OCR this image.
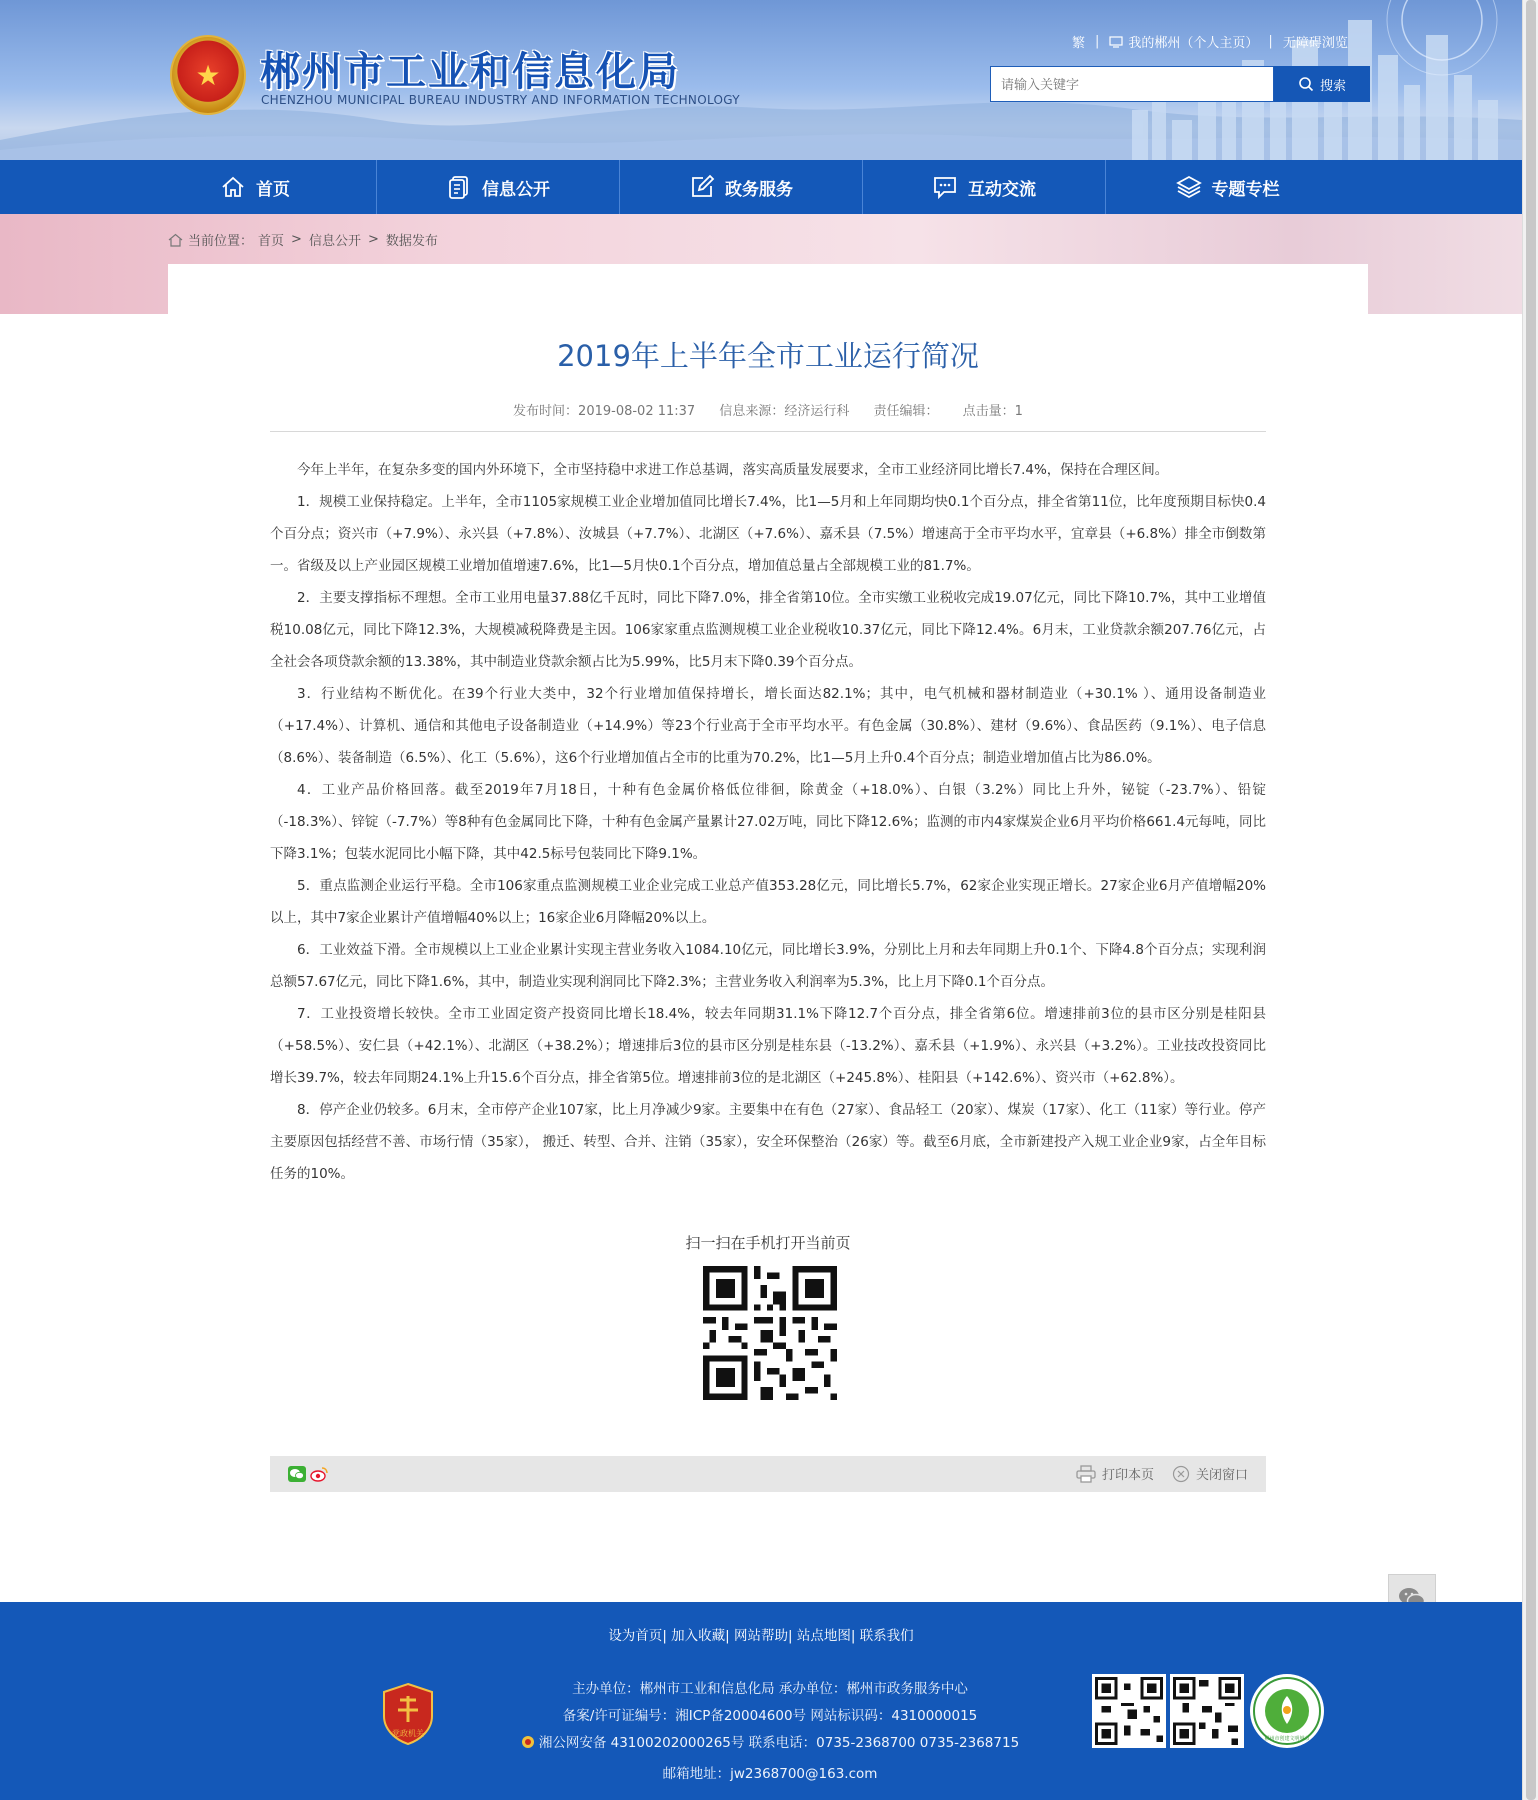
★ 郴州市工业和信息化局
CHENZHOU MUNICIPAL BUREAU INDUSTRY AND INFORMATION TECHNOLOGY
繁 | 我的郴州（个人主页） | 无障碍浏览
请输入关键字
搜索
首页	信息公开	政务服务	互动交流	专题专栏
当前位置： 首页 > 信息公开 > 数据发布
2019年上半年全市工业运行简况
发布时间：2019-08-02 11:37 信息来源：经济运行科 责任编辑： 点击量：1

今年上半年，在复杂多变的国内外环境下，全市坚持稳中求进工作总基调，落实高质量发展要求，全市工业经济同比增长7.4%，保持在合理区间。

1．规模工业保持稳定。上半年，全市1105家规模工业企业增加值同比增长7.4%，比1—5月和上年同期均快0.1个百分点，排全省第11位，比年度预期目标快0.4个百分点；资兴市（+7.9%）、永兴县（+7.8%）、汝城县（+7.7%）、北湖区（+7.6%）、嘉禾县（7.5%）增速高于全市平均水平，宜章县（+6.8%）排全市倒数第一。省级及以上产业园区规模工业增加值增速7.6%，比1—5月快0.1个百分点，增加值总量占全部规模工业的81.7%。

2．主要支撑指标不理想。全市工业用电量37.88亿千瓦时，同比下降7.0%，排全省第10位。全市实缴工业税收完成19.07亿元，同比下降10.7%，其中工业增值税10.08亿元，同比下降12.3%，大规模减税降费是主因。106家家重点监测规模工业企业税收10.37亿元，同比下降12.4%。6月末，工业贷款余额207.76亿元，占全社会各项贷款余额的13.38%，其中制造业贷款余额占比为5.99%，比5月末下降0.39个百分点。

3．行业结构不断优化。在39个行业大类中，32个行业增加值保持增长，增长面达82.1%；其中，电气机械和器材制造业（+30.1% ）、通用设备制造业（+17.4%）、计算机、通信和其他电子设备制造业（+14.9%）等23个行业高于全市平均水平。有色金属（30.8%）、建材（9.6%）、食品医药（9.1%）、电子信息（8.6%）、装备制造（6.5%）、化工（5.6%），这6个行业增加值占全市的比重为70.2%，比1—5月上升0.4个百分点；制造业增加值占比为86.0%。

4．工业产品价格回落。截至2019年7月18日，十种有色金属价格低位徘徊，除黄金（+18.0%）、白银（3.2%）同比上升外，铋锭（-23.7%）、铅锭（-18.3%）、锌锭（-7.7%）等8种有色金属同比下降，十种有色金属产量累计27.02万吨，同比下降12.6%；监测的市内4家煤炭企业6月平均价格661.4元每吨，同比下降3.1%；包装水泥同比小幅下降，其中42.5标号包装同比下降9.1%。

5．重点监测企业运行平稳。全市106家重点监测规模工业企业完成工业总产值353.28亿元，同比增长5.7%，62家企业实现正增长。27家企业6月产值增幅20%以上，其中7家企业累计产值增幅40%以上；16家企业6月降幅20%以上。

6．工业效益下滑。全市规模以上工业企业累计实现主营业务收入1084.10亿元，同比增长3.9%，分别比上月和去年同期上升0.1个、下降4.8个百分点；实现利润总额57.67亿元，同比下降1.6%，其中，制造业实现利润同比下降2.3%；主营业务收入利润率为5.3%，比上月下降0.1个百分点。

7．工业投资增长较快。全市工业固定资产投资同比增长18.4%，较去年同期31.1%下降12.7个百分点，排全省第6位。增速排前3位的县市区分别是桂阳县（+58.5%）、安仁县（+42.1%）、北湖区（+38.2%）；增速排后3位的县市区分别是桂东县（-13.2%）、嘉禾县（+1.9%）、永兴县（+3.2%）。工业技改投资同比增长39.7%，较去年同期24.1%上升15.6个百分点，排全省第5位。增速排前3位的是北湖区（+245.8%）、桂阳县（+142.6%）、资兴市（+62.8%）。

8．停产企业仍较多。6月末，全市停产企业107家，比上月净减少9家。主要集中在有色（27家）、食品轻工（20家）、煤炭（17家）、化工（11家）等行业。停产主要原因包括经营不善、市场行情（35家）， 搬迁、转型、合并、注销（35家），安全环保整治（26家）等。截至6月底，全市新建投产入规工业企业9家，占全年目标任务的10%。

扫一扫在手机打开当前页
打印本页	关闭窗口
设为首页| 加入收藏| 网站帮助| 站点地图| 联系我们
党政机关
主办单位：郴州市工业和信息化局 承办单位：郴州市政务服务中心
备案/许可证编号：湘ICP备20004600号 网站标识码：4310000015
湘公网安备 43100202000265号 联系电话：0735-2368700 0735-2368715
邮箱地址：jw2368700@163.com
郴州市创建文明城市
